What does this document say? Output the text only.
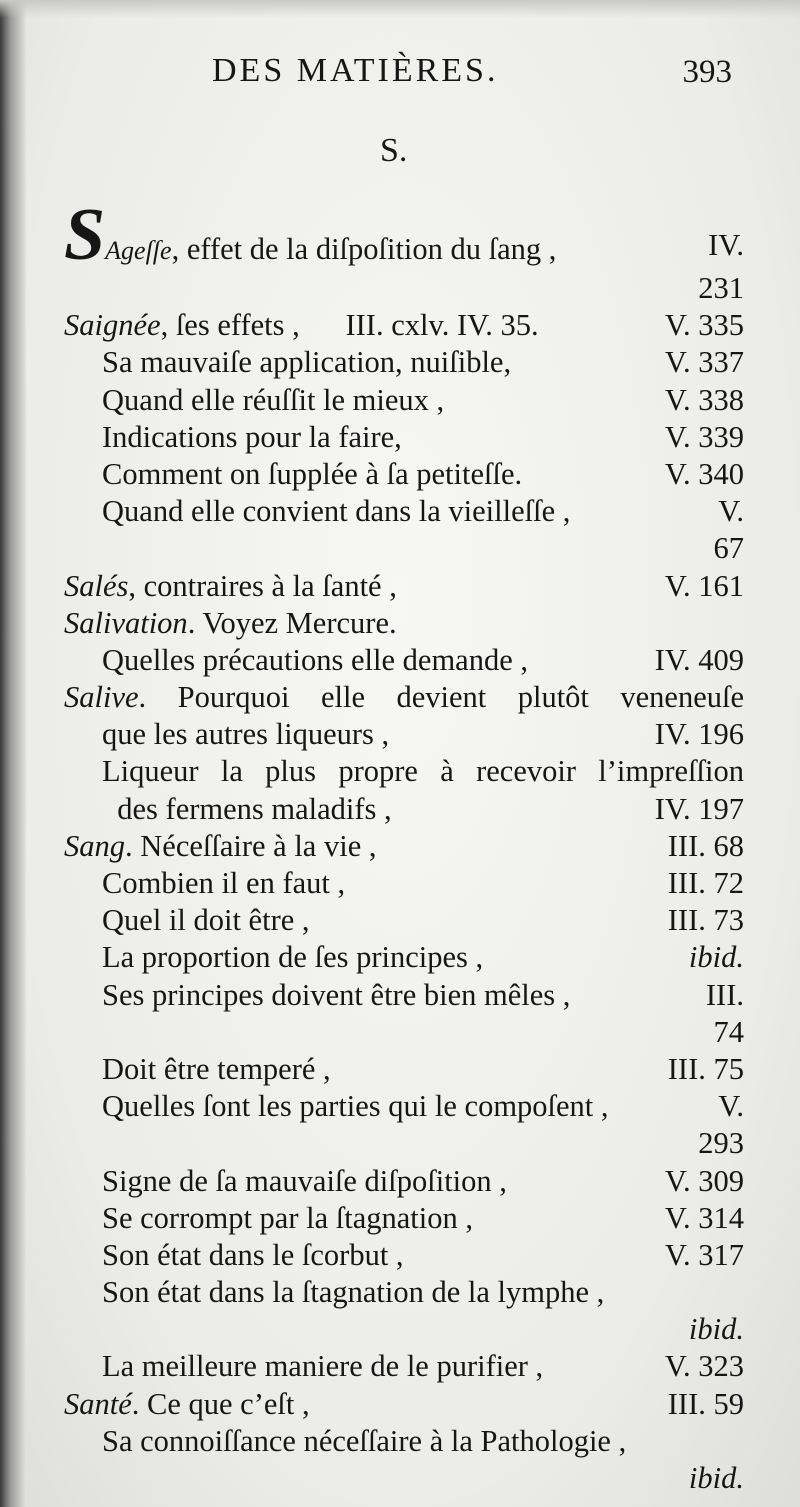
DES MATIÈRES.	393
S.
SAgeſſe, effet de la diſpoſition du ſang ,	IV.
231
Saignée, ſes effets ,      III. cxlv. IV. 35.	V. 335
Sa mauvaiſe application, nuiſible,	V. 337
Quand elle réuſſit le mieux ,	V. 338
Indications pour la faire,	V. 339
Comment on ſupplée à ſa petiteſſe.	V. 340
Quand elle convient dans la vieilleſſe ,	V.
67
Salés, contraires à la ſanté ,	V. 161
Salivation. Voyez Mercure.
Quelles précautions elle demande ,	IV. 409
Salive. Pourquoi elle devient plutôt veneneuſe
que les autres liqueurs ,	IV. 196
Liqueur la plus propre à recevoir l’impreſſion
des fermens maladifs ,	IV. 197
Sang. Néceſſaire à la vie ,	III. 68
Combien il en faut ,	III. 72
Quel il doit être ,	III. 73
La proportion de ſes principes ,	ibid.
Ses principes doivent être bien mêles ,	III.
74
Doit être temperé ,	III. 75
Quelles ſont les parties qui le compoſent ,	V.
293
Signe de ſa mauvaiſe diſpoſition ,	V. 309
Se corrompt par la ſtagnation ,	V. 314
Son état dans le ſcorbut ,	V. 317
Son état dans la ſtagnation de la lymphe ,
ibid.
La meilleure maniere de le purifier ,	V. 323
Santé. Ce que c’eſt ,	III. 59
Sa connoiſſance néceſſaire à la Pathologie ,
ibid.
